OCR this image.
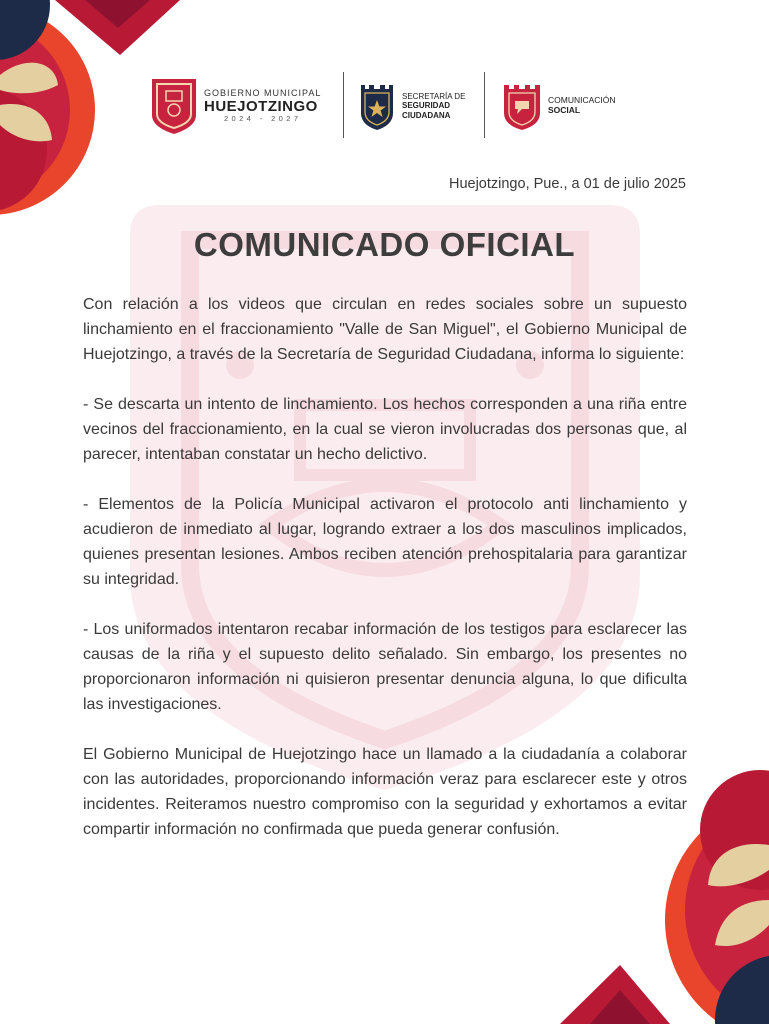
GOBIERNO MUNICIPAL
HUEJOTZINGO
2024 - 2027
SECRETARÍA DE
SEGURIDAD
CIUDADANA
COMUNICACIÓN
SOCIAL
Huejotzingo, Pue., a 01 de julio 2025
COMUNICADO OFICIAL

Con relación a los videos que circulan en redes sociales sobre un supuesto linchamiento en el fraccionamiento "Valle de San Miguel", el Gobierno Municipal de Huejotzingo, a través de la Secretaría de Seguridad Ciudadana, informa lo siguiente:

- Se descarta un intento de linchamiento. Los hechos corresponden a una riña entre vecinos del fraccionamiento, en la cual se vieron involucradas dos personas que, al parecer, intentaban constatar un hecho delictivo.

- Elementos de la Policía Municipal activaron el protocolo anti linchamiento y acudieron de inmediato al lugar, logrando extraer a los dos masculinos implicados, quienes presentan lesiones. Ambos reciben atención prehospitalaria para garantizar su integridad.

- Los uniformados intentaron recabar información de los testigos para esclarecer las causas de la riña y el supuesto delito señalado. Sin embargo, los presentes no proporcionaron información ni quisieron presentar denuncia alguna, lo que dificulta las investigaciones.

El Gobierno Municipal de Huejotzingo hace un llamado a la ciudadanía a colaborar con las autoridades, proporcionando información veraz para esclarecer este y otros incidentes. Reiteramos nuestro compromiso con la seguridad y exhortamos a evitar compartir información no confirmada que pueda generar confusión.
